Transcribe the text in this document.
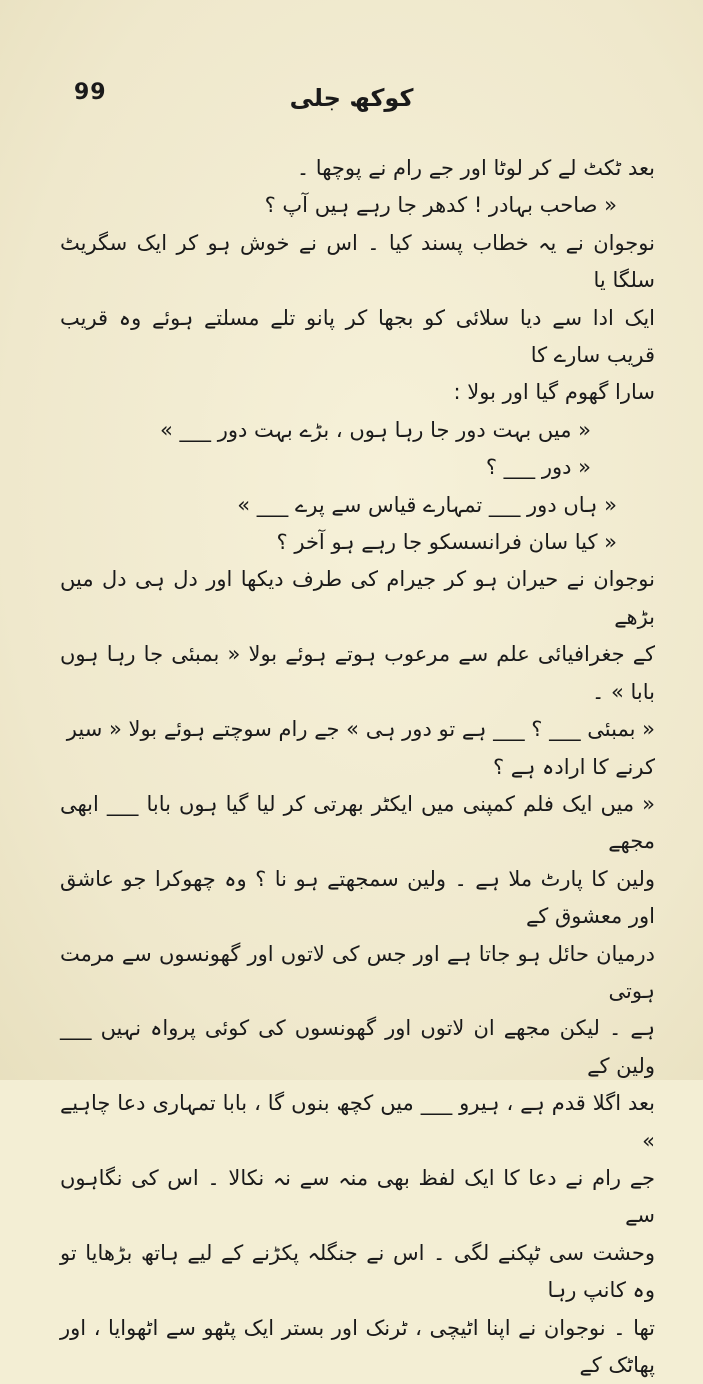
99	کوکھ جلی

بعد ٹکٹ لے کر لوٹا اور جے رام نے پوچھا ۔

« صاحب بہادر ! کدھر جا رہے ہیں آپ ؟

نوجوان نے یہ خطاب پسند کیا ۔ اس نے خوش ہو کر ایک سگریٹ سلگا یا

ایک ادا سے دیا سلائی کو بجھا کر پانو تلے مسلتے ہوئے وہ قریب قریب سارے کا

سارا گھوم گیا اور بولا :

« میں بہت دور جا رہا ہوں ، بڑے بہت دور ___ »

« دور ___ ؟

« ہاں دور ___ تمہارے قیاس سے پرے ___ »

« کیا سان فرانسسکو جا رہے ہو آخر ؟

نوجوان نے حیران ہو کر جیرام کی طرف دیکھا اور دل ہی دل میں بڑھے

کے جغرافیائی علم سے مرعوب ہوتے ہوئے بولا « بمبئی جا رہا ہوں بابا » ۔

« بمبئی ___ ؟ ___ ہے تو دور ہی » جے رام سوچتے ہوئے بولا « سیر

کرنے کا ارادہ ہے ؟

« میں ایک فلم کمپنی میں ایکٹر بھرتی کر لیا گیا ہوں بابا ___ ابھی مجھے

ولین کا پارٹ ملا ہے ۔ ولین سمجھتے ہو نا ؟ وہ چھوکرا جو عاشق اور معشوق کے

درمیان حائل ہو جاتا ہے اور جس کی لاتوں اور گھونسوں سے مرمت ہوتی

ہے ۔ لیکن مجھے ان لاتوں اور گھونسوں کی کوئی پرواہ نہیں ___ ولین کے

بعد اگلا قدم ہے ، ہیرو ___ میں کچھ بنوں گا ، بابا تمہاری دعا چاہیے »

جے رام نے دعا کا ایک لفظ بھی منہ سے نہ نکالا ۔ اس کی نگاہوں سے

وحشت سی ٹپکنے لگی ۔ اس نے جنگلہ پکڑنے کے لیے ہاتھ بڑھایا تو وہ کانپ رہا

تھا ۔ نوجوان نے اپنا اٹیچی ، ٹرنک اور بستر ایک پٹھو سے اٹھوایا ، اور پھاٹک کے
